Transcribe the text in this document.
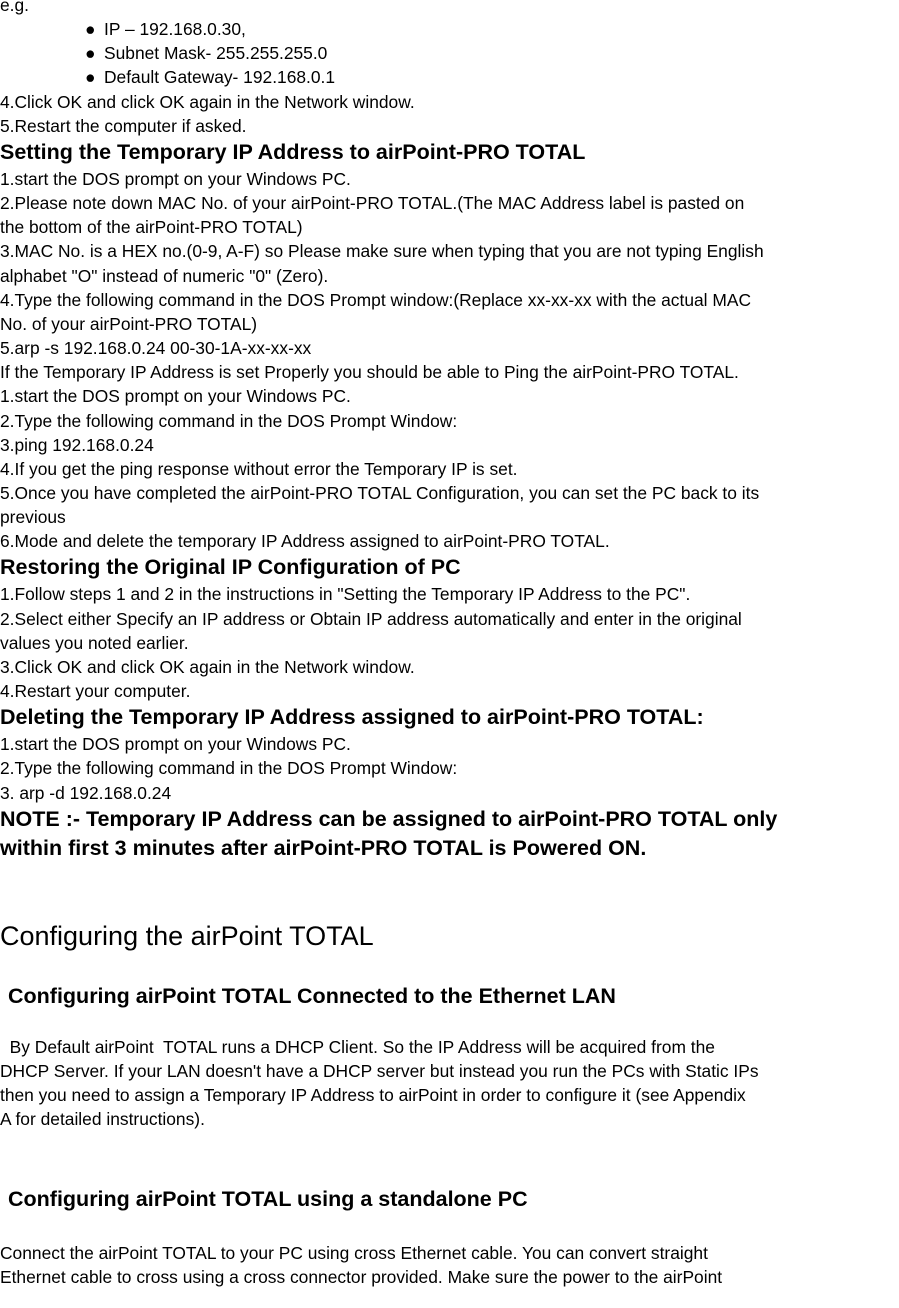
e.g.

● IP – 192.168.0.30,

● Subnet Mask- 255.255.255.0

● Default Gateway- 192.168.0.1

4.Click OK and click OK again in the Network window.

5.Restart the computer if asked.

Setting the Temporary IP Address to airPoint-PRO TOTAL

1.start the DOS prompt on your Windows PC.

2.Please note down MAC No. of your airPoint-PRO TOTAL.(The MAC Address label is pasted on

the bottom of the airPoint-PRO TOTAL)

3.MAC No. is a HEX no.(0-9, A-F) so Please make sure when typing that you are not typing English

alphabet "O" instead of numeric "0" (Zero).

4.Type the following command in the DOS Prompt window:(Replace xx-xx-xx with the actual MAC

No. of your airPoint-PRO TOTAL)

5.arp -s 192.168.0.24 00-30-1A-xx-xx-xx

If the Temporary IP Address is set Properly you should be able to Ping the airPoint-PRO TOTAL.

1.start the DOS prompt on your Windows PC.

2.Type the following command in the DOS Prompt Window:

3.ping 192.168.0.24

4.If you get the ping response without error the Temporary IP is set.

5.Once you have completed the airPoint-PRO TOTAL Configuration, you can set the PC back to its

previous

6.Mode and delete the temporary IP Address assigned to airPoint-PRO TOTAL.

Restoring the Original IP Configuration of PC

1.Follow steps 1 and 2 in the instructions in "Setting the Temporary IP Address to the PC".

2.Select either Specify an IP address or Obtain IP address automatically and enter in the original

values you noted earlier.

3.Click OK and click OK again in the Network window.

4.Restart your computer.

Deleting the Temporary IP Address assigned to airPoint-PRO TOTAL:

1.start the DOS prompt on your Windows PC.

2.Type the following command in the DOS Prompt Window:

3. arp -d 192.168.0.24

NOTE :- Temporary IP Address can be assigned to airPoint-PRO TOTAL only

within first 3 minutes after airPoint-PRO TOTAL is Powered ON.

Configuring the airPoint TOTAL

Configuring airPoint TOTAL Connected to the Ethernet LAN

By Default airPoint  TOTAL runs a DHCP Client. So the IP Address will be acquired from the

DHCP Server. If your LAN doesn't have a DHCP server but instead you run the PCs with Static IPs

then you need to assign a Temporary IP Address to airPoint in order to configure it (see Appendix

A for detailed instructions).

Configuring airPoint TOTAL using a standalone PC

Connect the airPoint TOTAL to your PC using cross Ethernet cable. You can convert straight

Ethernet cable to cross using a cross connector provided. Make sure the power to the airPoint
